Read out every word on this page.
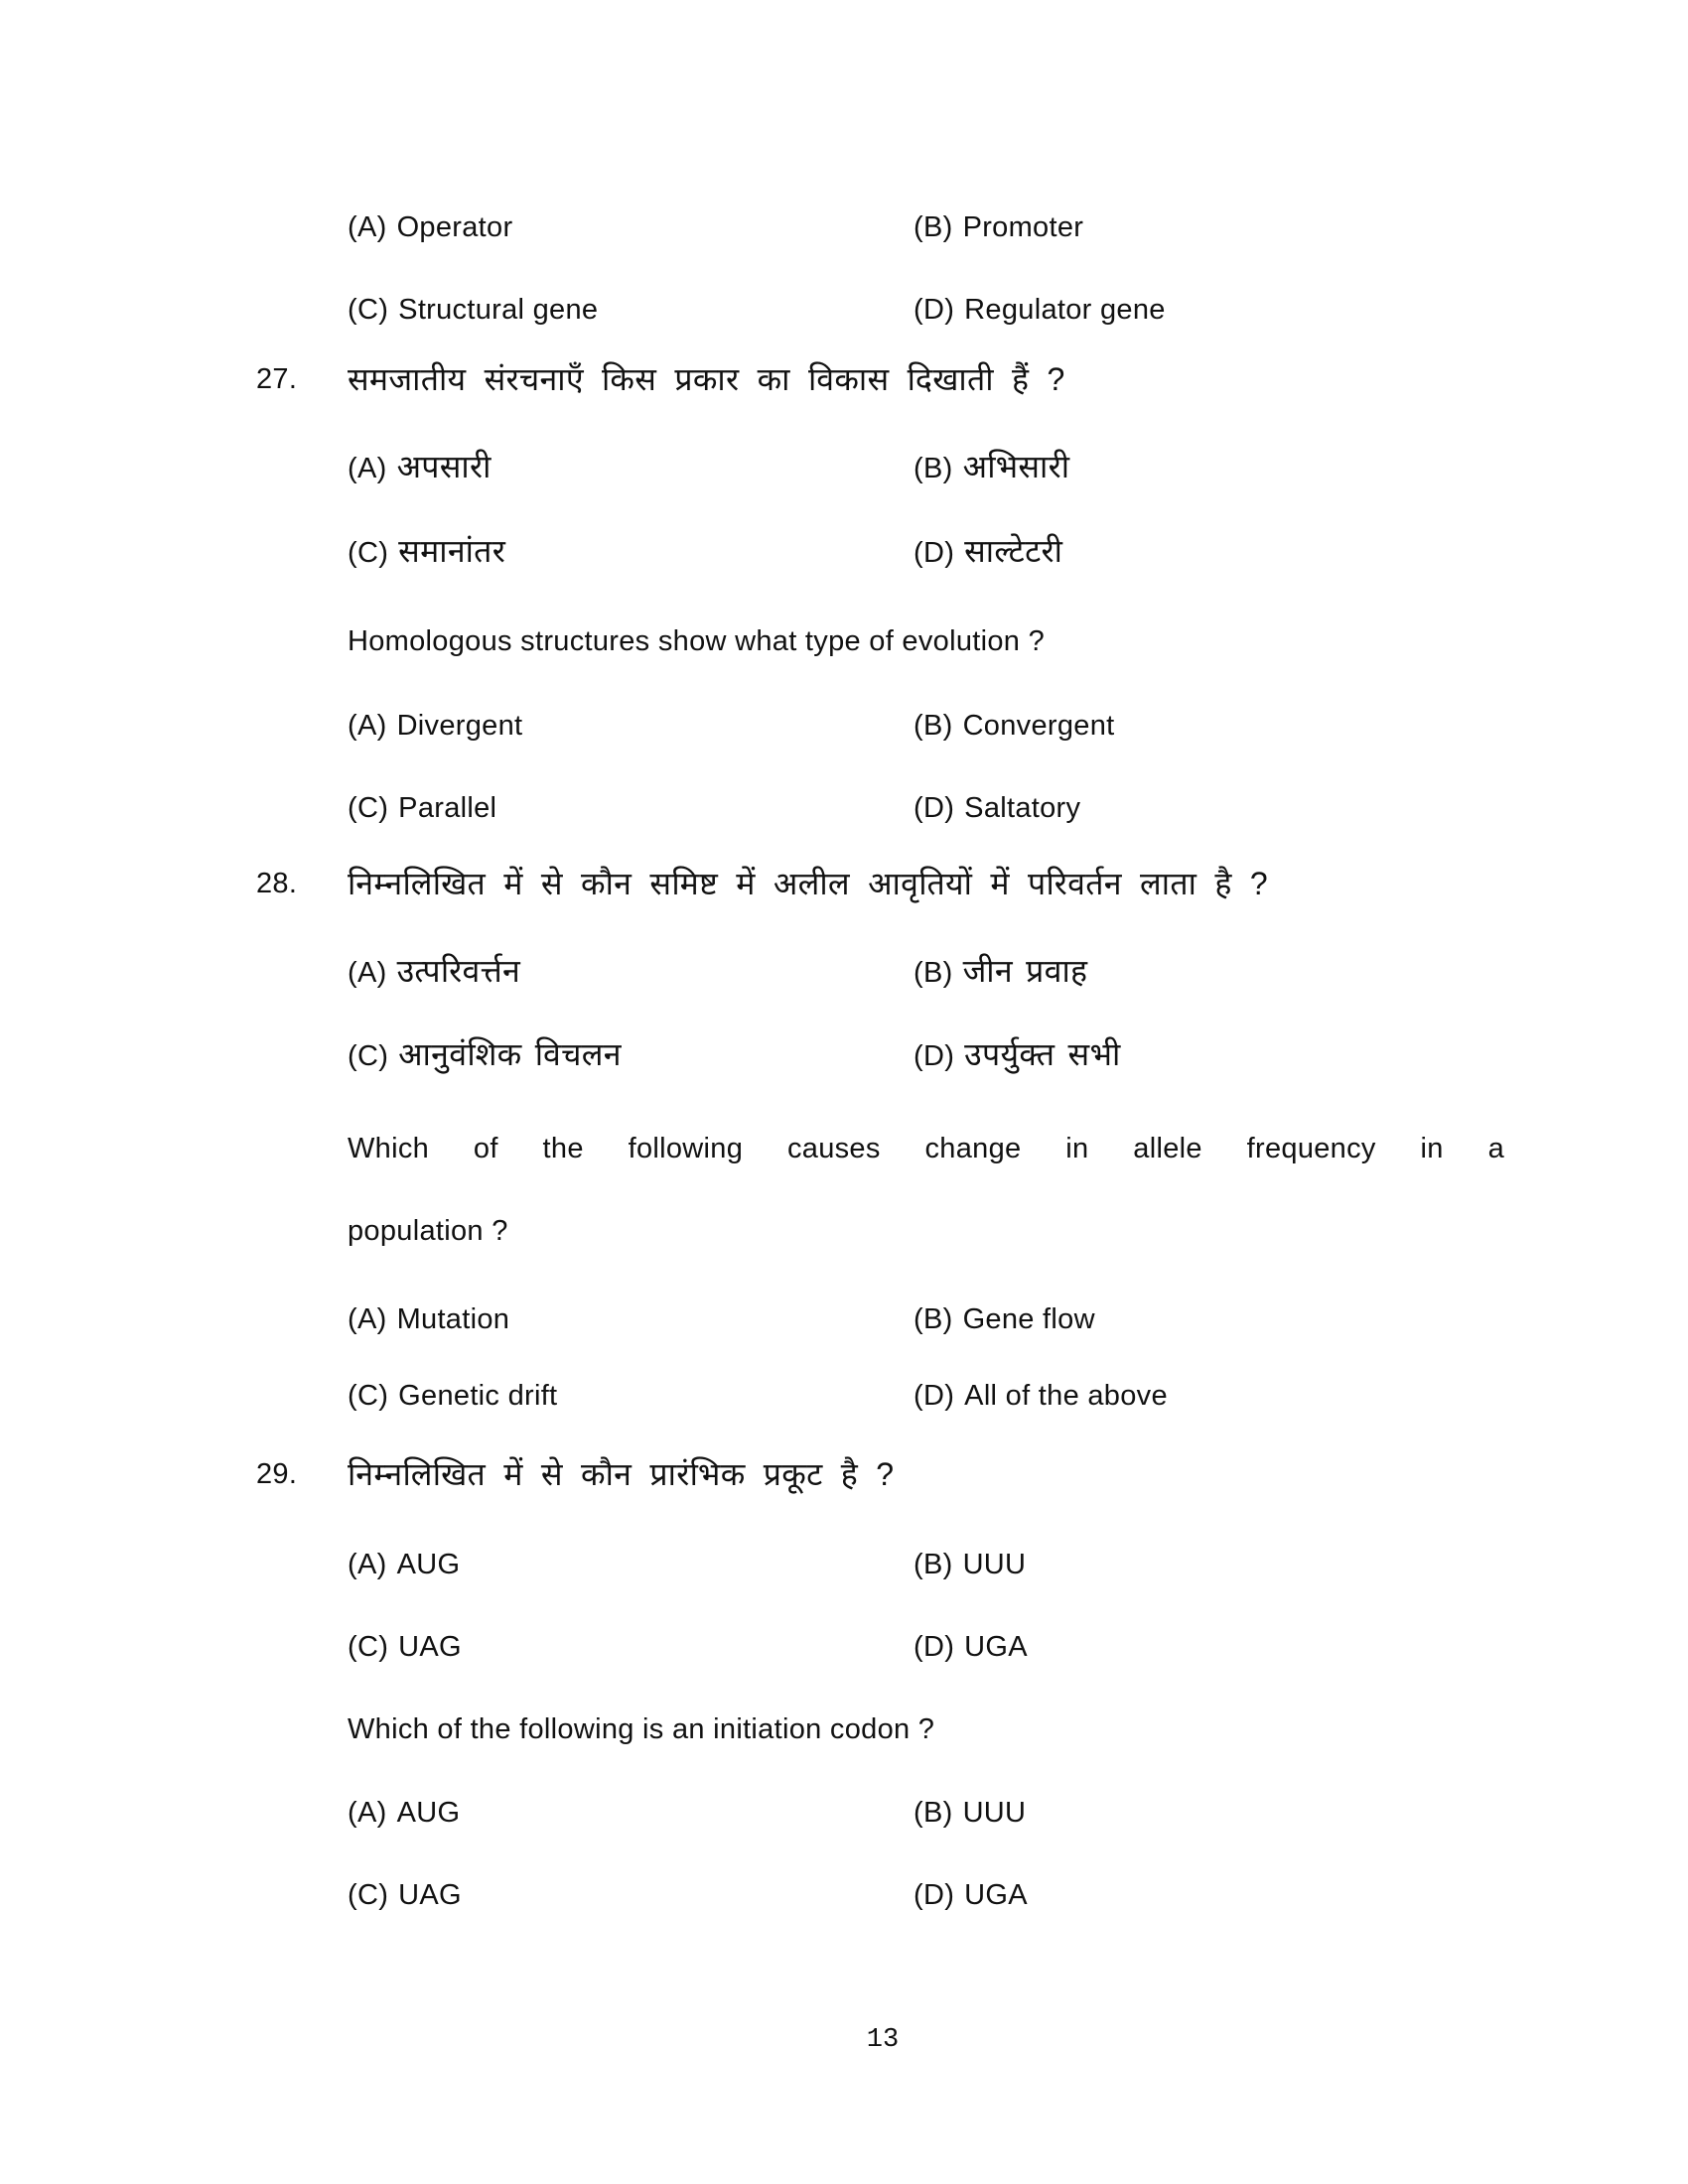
(A) Operator	(B) Promoter
(C) Structural gene	(D) Regulator gene
27. समजातीय संरचनाएँ किस प्रकार का विकास दिखाती हैं ?
(A) अपसारी	(B) अभिसारी
(C) समानांतर	(D) साल्टेटरी
Homologous structures show what type of evolution ?
(A) Divergent	(B) Convergent
(C) Parallel	(D) Saltatory
28. निम्नलिखित में से कौन समिष्ट में अलील आवृतियों में परिवर्तन लाता है ?
(A) उत्परिवर्त्तन	(B) जीन प्रवाह
(C) आनुवंशिक विचलन	(D) उपर्युक्त सभी
Which of the following causes change in allele frequency in a
population ?
(A) Mutation	(B) Gene flow
(C) Genetic drift	(D) All of the above
29. निम्नलिखित में से कौन प्रारंभिक प्रकूट है ?
(A) AUG	(B) UUU
(C) UAG	(D) UGA
Which of the following is an initiation codon ?
(A) AUG	(B) UUU
(C) UAG	(D) UGA
13
